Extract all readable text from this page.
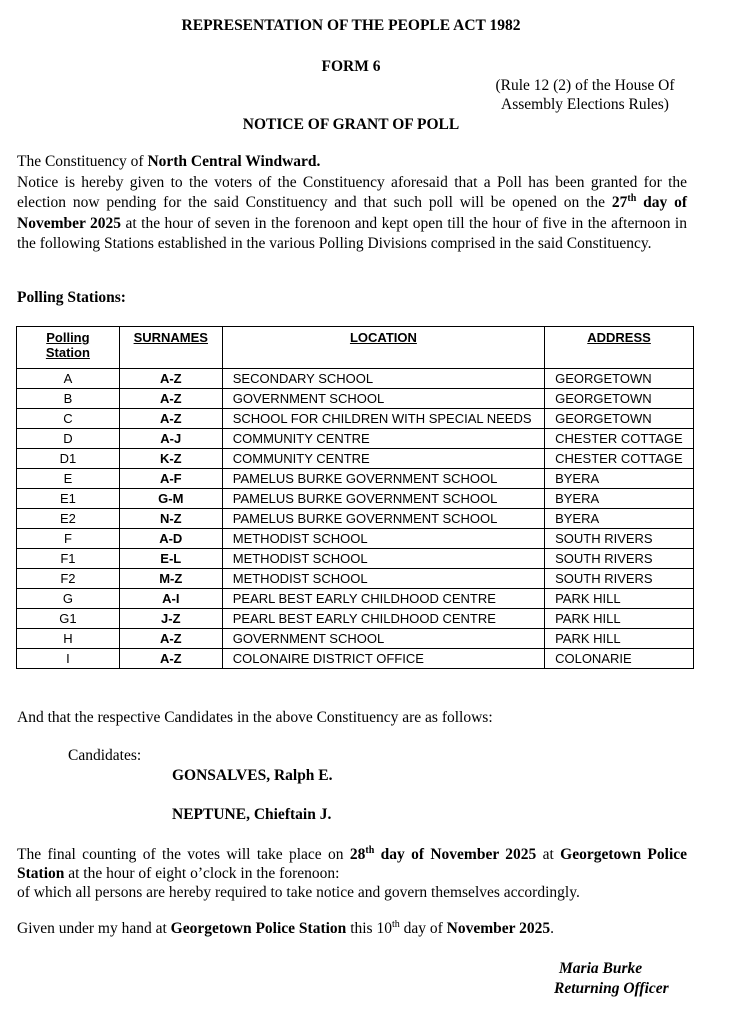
REPRESENTATION OF THE PEOPLE ACT 1982
FORM 6
(Rule 12 (2) of the House Of
Assembly Elections Rules)
NOTICE OF GRANT OF POLL
The Constituency of North Central Windward.
Notice is hereby given to the voters of the Constituency aforesaid that a Poll has been granted for the election now pending for the said Constituency and that such poll will be opened on the 27th day of November 2025 at the hour of seven in the forenoon and kept open till the hour of five in the afternoon in the following Stations established in the various Polling Divisions comprised in the said Constituency.
Polling Stations:
Polling
Station	SURNAMES	LOCATION	ADDRESS
A	A-Z	SECONDARY SCHOOL	GEORGETOWN
B	A-Z	GOVERNMENT SCHOOL	GEORGETOWN
C	A-Z	SCHOOL FOR CHILDREN WITH SPECIAL NEEDS	GEORGETOWN
D	A-J	COMMUNITY CENTRE	CHESTER COTTAGE
D1	K-Z	COMMUNITY CENTRE	CHESTER COTTAGE
E	A-F	PAMELUS BURKE GOVERNMENT SCHOOL	BYERA
E1	G-M	PAMELUS BURKE GOVERNMENT SCHOOL	BYERA
E2	N-Z	PAMELUS BURKE GOVERNMENT SCHOOL	BYERA
F	A-D	METHODIST SCHOOL	SOUTH RIVERS
F1	E-L	METHODIST SCHOOL	SOUTH RIVERS
F2	M-Z	METHODIST SCHOOL	SOUTH RIVERS
G	A-I	PEARL BEST EARLY CHILDHOOD CENTRE	PARK HILL
G1	J-Z	PEARL BEST EARLY CHILDHOOD CENTRE	PARK HILL
H	A-Z	GOVERNMENT SCHOOL	PARK HILL
I	A-Z	COLONAIRE DISTRICT OFFICE	COLONARIE
And that the respective Candidates in the above Constituency are as follows:
Candidates:
GONSALVES, Ralph E.
NEPTUNE, Chieftain J.
The final counting of the votes will take place on 28th day of November 2025 at Georgetown Police Station at the hour of eight o’clock in the forenoon:
of which all persons are hereby required to take notice and govern themselves accordingly.
Given under my hand at Georgetown Police Station this 10th day of November 2025.
Maria Burke
Returning Officer
